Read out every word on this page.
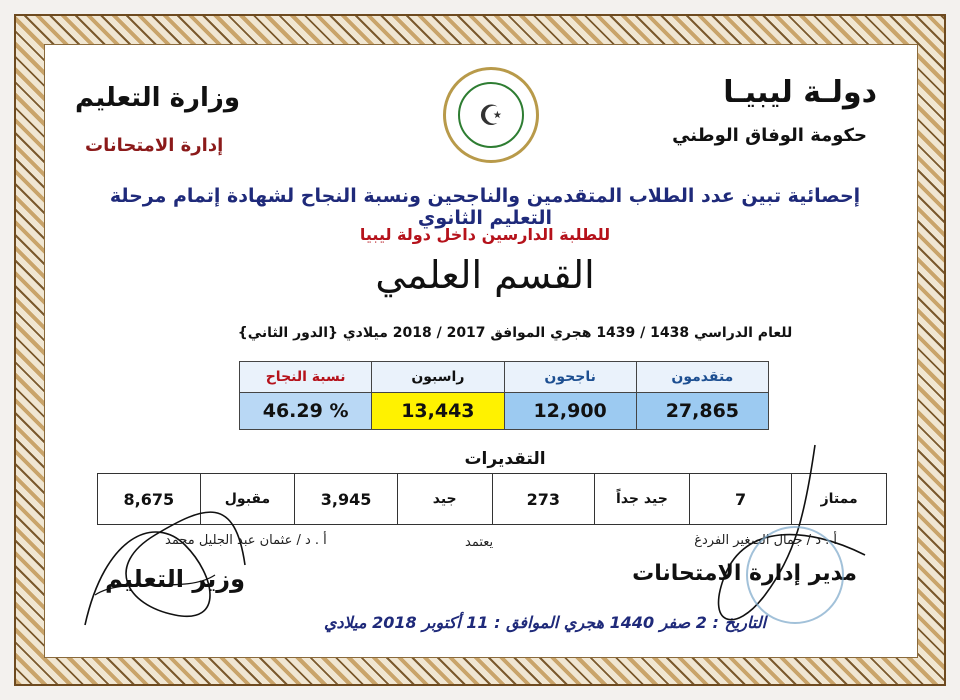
دولـة ليبيـا
حكومة الوفاق الوطني
وزارة التعليم
إدارة الامتحانات
☪
إحصائية تبين عدد الطلاب المتقدمين والناجحين ونسبة النجاح لشهادة إتمام مرحلة التعليم الثانوي
للطلبة الدارسين داخل دولة ليبيا
القسم العلمي
للعام الدراسي 1438 / 1439 هجري الموافق 2017 / 2018 ميلادي {الدور الثاني}
متقدمون	ناجحون	راسبون	نسبة النجاح
27,865	12,900	13,443	% 46.29
التقديرات
ممتاز	7	جيد جداً	273	جيد	3,945	مقبول	8,675
أ . د / جمال الصغير الفردغ
يعتمد
أ . د / عثمان عبد الجليل محمد
مدير إدارة الامتحانات
وزير التعليم
التاريخ : 2 صفر 1440 هجري الموافق : 11 أكتوبر 2018 ميلادي
